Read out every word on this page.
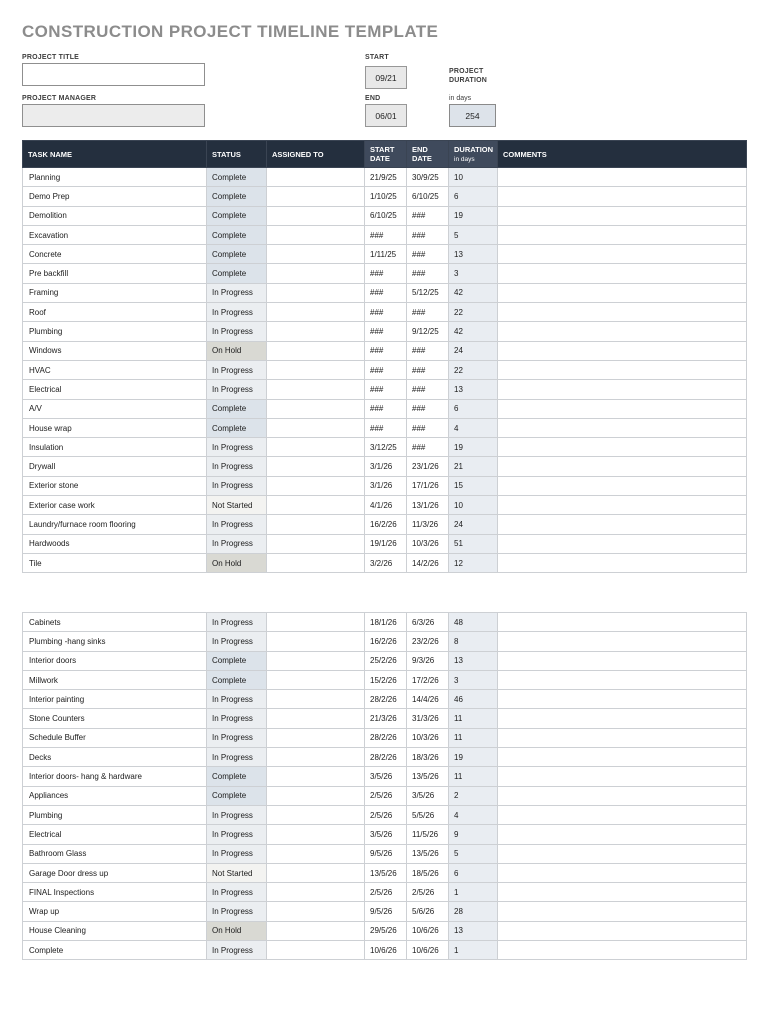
CONSTRUCTION PROJECT TIMELINE TEMPLATE
PROJECT TITLE
PROJECT MANAGER
START
09/21
END
06/01
PROJECT
DURATION
in days
254
TASK NAME	STATUS	ASSIGNED TO	START DATE	END DATE	DURATION in days	COMMENTS
Planning	Complete		21/9/25	30/9/25	10	
Demo Prep	Complete		1/10/25	6/10/25	6	
Demolition	Complete		6/10/25	###	19	
Excavation	Complete		###	###	5	
Concrete	Complete		1/11/25	###	13	
Pre backfill	Complete		###	###	3	
Framing	In Progress		###	5/12/25	42	
Roof	In Progress		###	###	22	
Plumbing	In Progress		###	9/12/25	42	
Windows	On Hold		###	###	24	
HVAC	In Progress		###	###	22	
Electrical	In Progress		###	###	13	
A/V	Complete		###	###	6	
House wrap	Complete		###	###	4	
Insulation	In Progress		3/12/25	###	19	
Drywall	In Progress		3/1/26	23/1/26	21	
Exterior stone	In Progress		3/1/26	17/1/26	15	
Exterior case work	Not Started		4/1/26	13/1/26	10	
Laundry/furnace room flooring	In Progress		16/2/26	11/3/26	24	
Hardwoods	In Progress		19/1/26	10/3/26	51	
Tile	On Hold		3/2/26	14/2/26	12	
Cabinets	In Progress		18/1/26	6/3/26	48	
Plumbing -hang sinks	In Progress		16/2/26	23/2/26	8	
Interior doors	Complete		25/2/26	9/3/26	13	
Millwork	Complete		15/2/26	17/2/26	3	
Interior painting	In Progress		28/2/26	14/4/26	46	
Stone Counters	In Progress		21/3/26	31/3/26	11	
Schedule Buffer	In Progress		28/2/26	10/3/26	11	
Decks	In Progress		28/2/26	18/3/26	19	
Interior doors- hang & hardware	Complete		3/5/26	13/5/26	11	
Appliances	Complete		2/5/26	3/5/26	2	
Plumbing	In Progress		2/5/26	5/5/26	4	
Electrical	In Progress		3/5/26	11/5/26	9	
Bathroom Glass	In Progress		9/5/26	13/5/26	5	
Garage Door dress up	Not Started		13/5/26	18/5/26	6	
FINAL Inspections	In Progress		2/5/26	2/5/26	1	
Wrap up	In Progress		9/5/26	5/6/26	28	
House Cleaning	On Hold		29/5/26	10/6/26	13	
Complete	In Progress		10/6/26	10/6/26	1	
